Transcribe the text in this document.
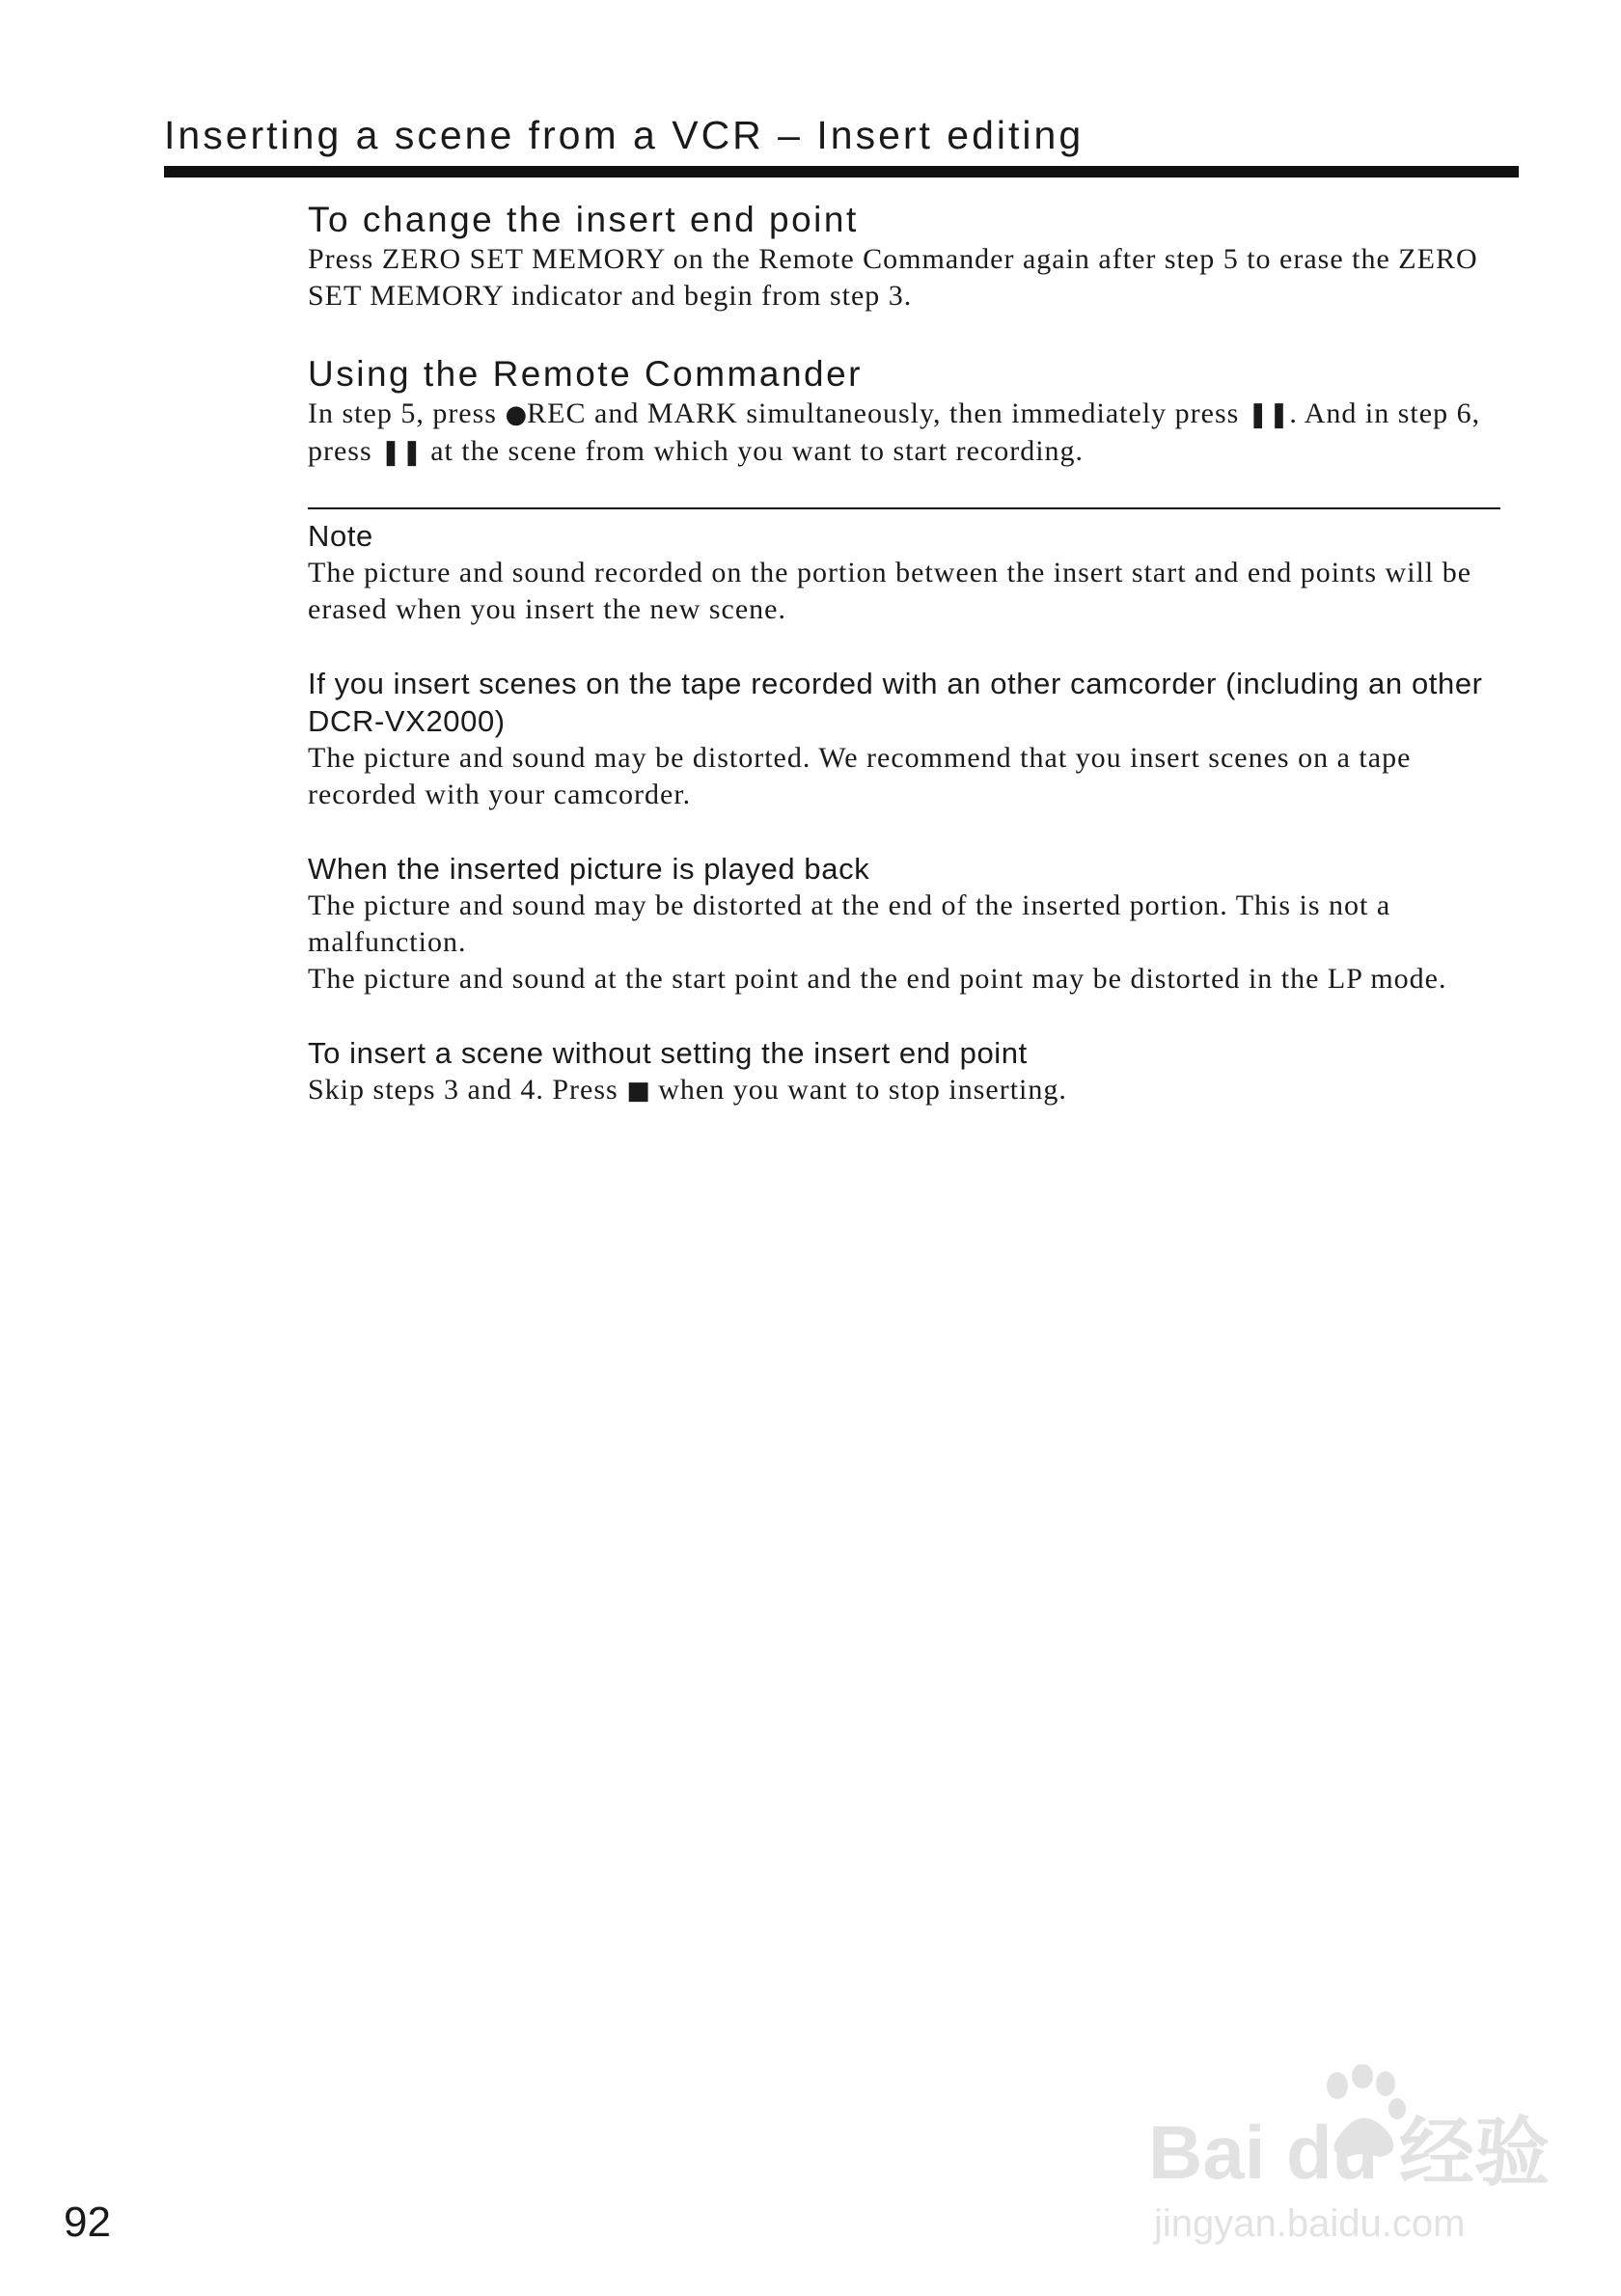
Inserting a scene from a VCR – Insert editing
To change the insert end point

Press ZERO SET MEMORY on the Remote Commander again after step 5 to erase the ZERO SET MEMORY indicator and begin from step 3.

Using the Remote Commander

In step 5, press ●REC and MARK simultaneously, then immediately press ❚❚. And in step 6, press ❚❚ at the scene from which you want to start recording.

Note

The picture and sound recorded on the portion between the insert start and end points will be erased when you insert the new scene.

If you insert scenes on the tape recorded with an other camcorder (including an other DCR-VX2000)

The picture and sound may be distorted. We recommend that you insert scenes on a tape recorded with your camcorder.

When the inserted picture is played back

The picture and sound may be distorted at the end of the inserted portion. This is not a malfunction.

The picture and sound at the start point and the end point may be distorted in the LP mode.

To insert a scene without setting the insert end point

Skip steps 3 and 4. Press ■ when you want to stop inserting.

92
Bai du 经验
jingyan.baidu.com
